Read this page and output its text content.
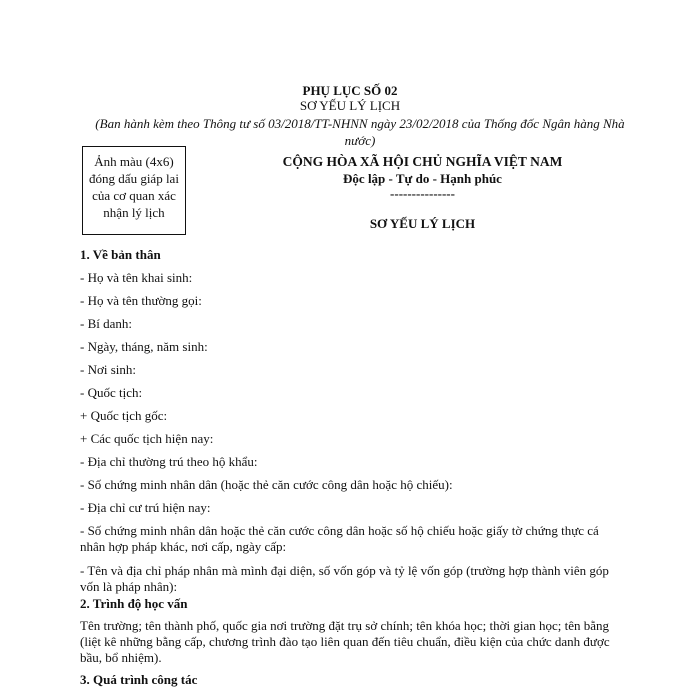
PHỤ LỤC SỐ 02
SƠ YẾU LÝ LỊCH
(Ban hành kèm theo Thông tư số 03/2018/TT-NHNN ngày 23/02/2018 của Thống đốc Ngân hàng Nhà nước)
Ảnh màu (4x6) đóng dấu giáp lai của cơ quan xác nhận lý lịch
CỘNG HÒA XÃ HỘI CHỦ NGHĨA VIỆT NAM
Độc lập - Tự do - Hạnh phúc
---------------
SƠ YẾU LÝ LỊCH
1. Về bản thân
- Họ và tên khai sinh:
- Họ và tên thường gọi:
- Bí danh:
- Ngày, tháng, năm sinh:
- Nơi sinh:
- Quốc tịch:
+ Quốc tịch gốc:
+ Các quốc tịch hiện nay:
- Địa chỉ thường trú theo hộ khẩu:
- Số chứng minh nhân dân (hoặc thẻ căn cước công dân hoặc hộ chiếu):
- Địa chỉ cư trú hiện nay:
- Số chứng minh nhân dân hoặc thẻ căn cước công dân hoặc số hộ chiếu hoặc giấy tờ chứng thực cá nhân hợp pháp khác, nơi cấp, ngày cấp:
- Tên và địa chỉ pháp nhân mà mình đại diện, số vốn góp và tỷ lệ vốn góp (trường hợp thành viên góp vốn là pháp nhân):
2. Trình độ học vấn
Tên trường; tên thành phố, quốc gia nơi trường đặt trụ sở chính; tên khóa học; thời gian học; tên bằng (liệt kê những bằng cấp, chương trình đào tạo liên quan đến tiêu chuẩn, điều kiện của chức danh được bầu, bổ nhiệm).
3. Quá trình công tác
